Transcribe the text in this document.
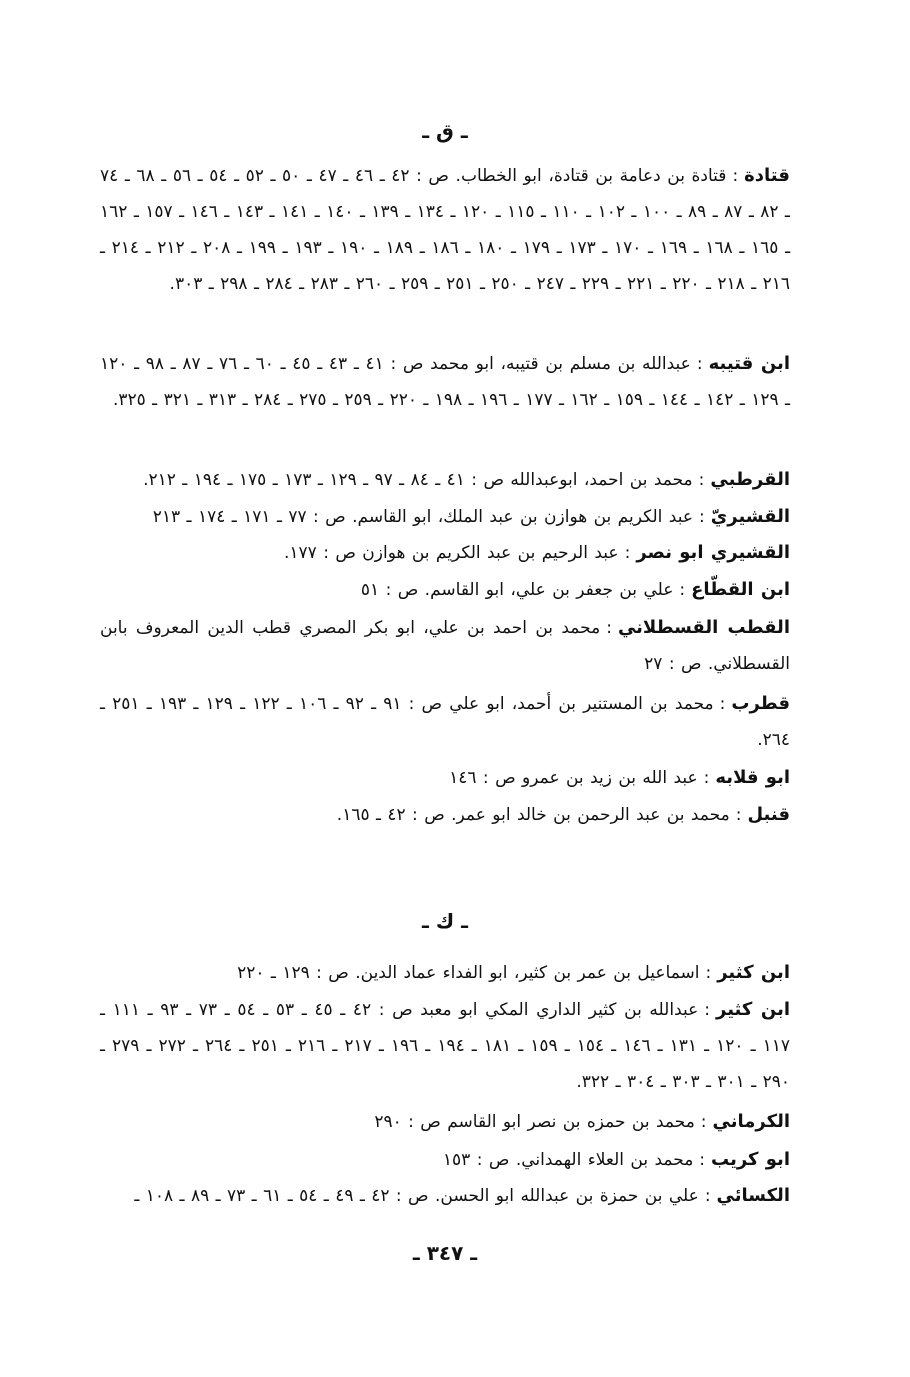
ـ ق ـ
قتادة:قتادة بن دعامة بن قتادة، ابو الخطاب. ص : ٤٢ ـ ٤٦ ـ ٤٧ ـ ٥٠ ـ ٥٢ ـ ٥٤ ـ ٥٦ ـ ٦٨ ـ ٧٤ ـ ٨٢ ـ ٨٧ ـ ٨٩ ـ ١٠٠ ـ ١٠٢ ـ ١١٠ ـ ١١٥ ـ ١٢٠ ـ ١٣٤ ـ ١٣٩ ـ ١٤٠ ـ ١٤١ ـ ١٤٣ ـ ١٤٦ ـ ١٥٧ ـ ١٦٢ ـ ١٦٥ ـ ١٦٨ ـ ١٦٩ ـ ١٧٠ ـ ١٧٣ ـ ١٧٩ ـ ١٨٠ ـ ١٨٦ ـ ١٨٩ ـ ١٩٠ ـ ١٩٣ ـ ١٩٩ ـ ٢٠٨ ـ ٢١٢ ـ ٢١٤ ـ ٢١٦ ـ ٢١٨ ـ ٢٢٠ ـ ٢٢١ ـ ٢٢٩ ـ ٢٤٧ ـ ٢٥٠ ـ ٢٥١ ـ ٢٥٩ ـ ٢٦٠ ـ ٢٨٣ ـ ٢٨٤ ـ ٢٩٨ ـ ٣٠٣.
ابن قتيبه:عبدالله بن مسلم بن قتيبه، ابو محمد ص : ٤١ ـ ٤٣ ـ ٤٥ ـ ٦٠ ـ ٧٦ ـ ٨٧ ـ ٩٨ ـ ١٢٠ ـ ١٢٩ ـ ١٤٢ ـ ١٤٤ ـ ١٥٩ ـ ١٦٢ ـ ١٧٧ ـ ١٩٦ ـ ١٩٨ ـ ٢٢٠ ـ ٢٥٩ ـ ٢٧٥ ـ ٢٨٤ ـ ٣١٣ ـ ٣٢١ ـ ٣٢٥.
القرطبي:محمد بن احمد، ابوعبدالله ص : ٤١ ـ ٨٤ ـ ٩٧ ـ ١٢٩ ـ ١٧٣ ـ ١٧٥ ـ ١٩٤ ـ ٢١٢.
القشيريّ:عبد الكريم بن هوازن بن عبد الملك، ابو القاسم. ص : ٧٧ ـ ١٧١ ـ ١٧٤ ـ ٢١٣
القشيري ابو نصر:عبد الرحيم بن عبد الكريم بن هوازن ص : ١٧٧.
ابن القطّاع:علي بن جعفر بن علي، ابو القاسم. ص : ٥١
القطب القسطلاني:محمد بن احمد بن علي، ابو بكر المصري قطب الدين المعروف بابن القسطلاني. ص : ٢٧
قطرب:محمد بن المستنير بن أحمد، ابو علي ص : ٩١ ـ ٩٢ ـ ١٠٦ ـ ١٢٢ ـ ١٢٩ ـ ١٩٣ ـ ٢٥١ ـ ٢٦٤.
ابو قلابه:عبد الله بن زيد بن عمرو ص : ١٤٦
قنبل:محمد بن عبد الرحمن بن خالد ابو عمر. ص : ٤٢ ـ ١٦٥.
ـ ك ـ
ابن كثير:اسماعيل بن عمر بن كثير، ابو الفداء عماد الدين. ص : ١٢٩ ـ ٢٢٠
ابن كثير:عبدالله بن كثير الداري المكي ابو معبد ص : ٤٢ ـ ٤٥ ـ ٥٣ ـ ٥٤ ـ ٧٣ ـ ٩٣ ـ ١١١ ـ ١١٧ ـ ١٢٠ ـ ١٣١ ـ ١٤٦ ـ ١٥٤ ـ ١٥٩ ـ ١٨١ ـ ١٩٤ ـ ١٩٦ ـ ٢١٧ ـ ٢١٦ ـ ٢٥١ ـ ٢٦٤ ـ ٢٧٢ ـ ٢٧٩ ـ ٢٩٠ ـ ٣٠١ ـ ٣٠٣ ـ ٣٠٤ ـ ٣٢٢.
الكرماني:محمد بن حمزه بن نصر ابو القاسم ص : ٢٩٠
ابو كريب:محمد بن العلاء الهمداني. ص : ١٥٣
الكسائي:علي بن حمزة بن عبدالله ابو الحسن. ص : ٤٢ ـ ٤٩ ـ ٥٤ ـ ٦١ ـ ٧٣ ـ ٨٩ ـ ١٠٨ ـ
ـ ٣٤٧ ـ
